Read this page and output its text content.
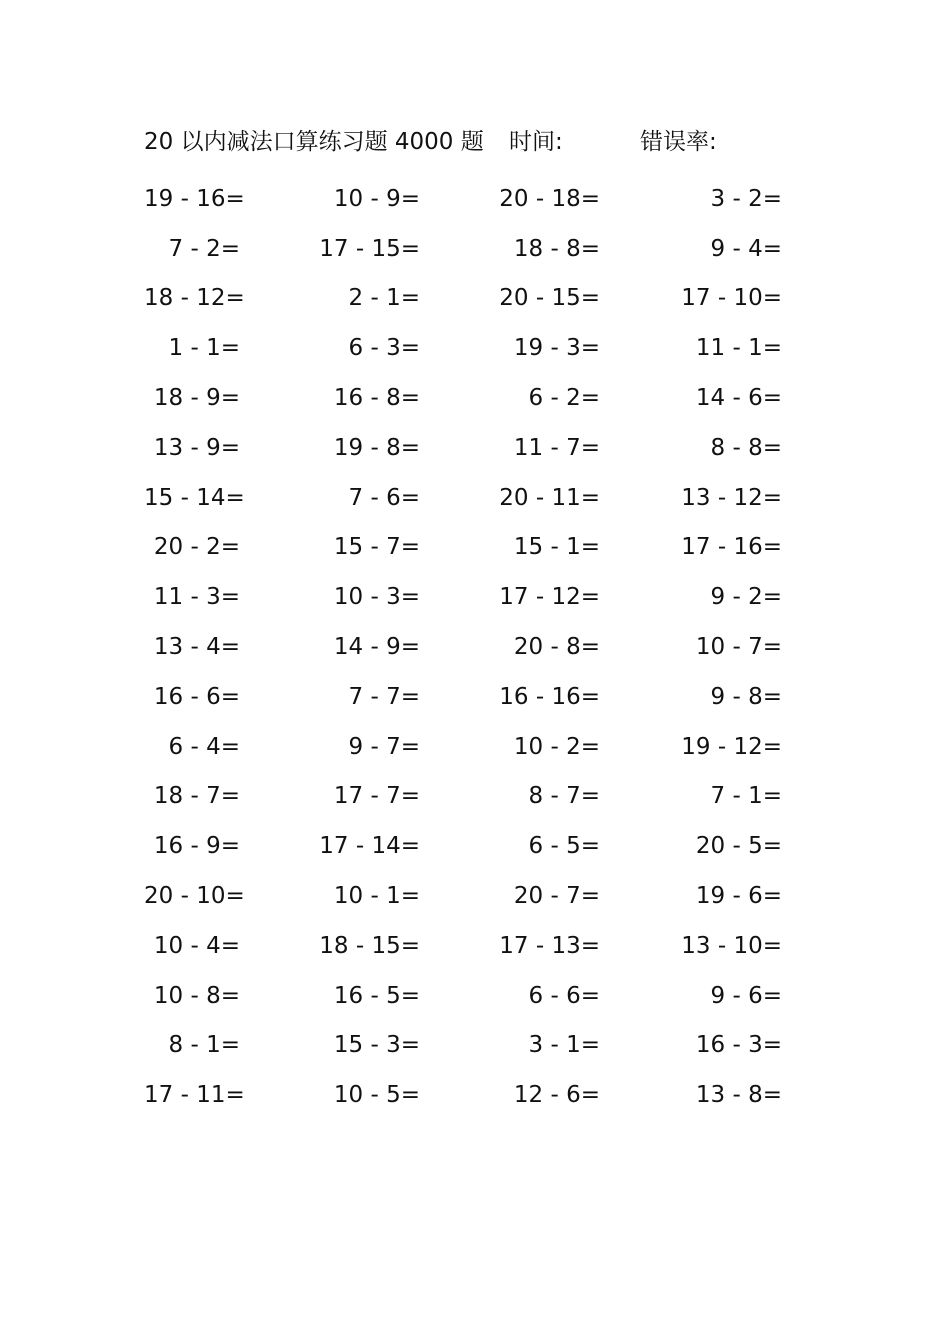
20 以内减法口算练习题 4000 题 时间:	错误率:
19 - 16=	10 - 9=	20 - 18=	3 - 2=
7 - 2=	17 - 15=	18 - 8=	9 - 4=
18 - 12=	2 - 1=	20 - 15=	17 - 10=
1 - 1=	6 - 3=	19 - 3=	11 - 1=
18 - 9=	16 - 8=	6 - 2=	14 - 6=
13 - 9=	19 - 8=	11 - 7=	8 - 8=
15 - 14=	7 - 6=	20 - 11=	13 - 12=
20 - 2=	15 - 7=	15 - 1=	17 - 16=
11 - 3=	10 - 3=	17 - 12=	9 - 2=
13 - 4=	14 - 9=	20 - 8=	10 - 7=
16 - 6=	7 - 7=	16 - 16=	9 - 8=
6 - 4=	9 - 7=	10 - 2=	19 - 12=
18 - 7=	17 - 7=	8 - 7=	7 - 1=
16 - 9=	17 - 14=	6 - 5=	20 - 5=
20 - 10=	10 - 1=	20 - 7=	19 - 6=
10 - 4=	18 - 15=	17 - 13=	13 - 10=
10 - 8=	16 - 5=	6 - 6=	9 - 6=
8 - 1=	15 - 3=	3 - 1=	16 - 3=
17 - 11=	10 - 5=	12 - 6=	13 - 8=
